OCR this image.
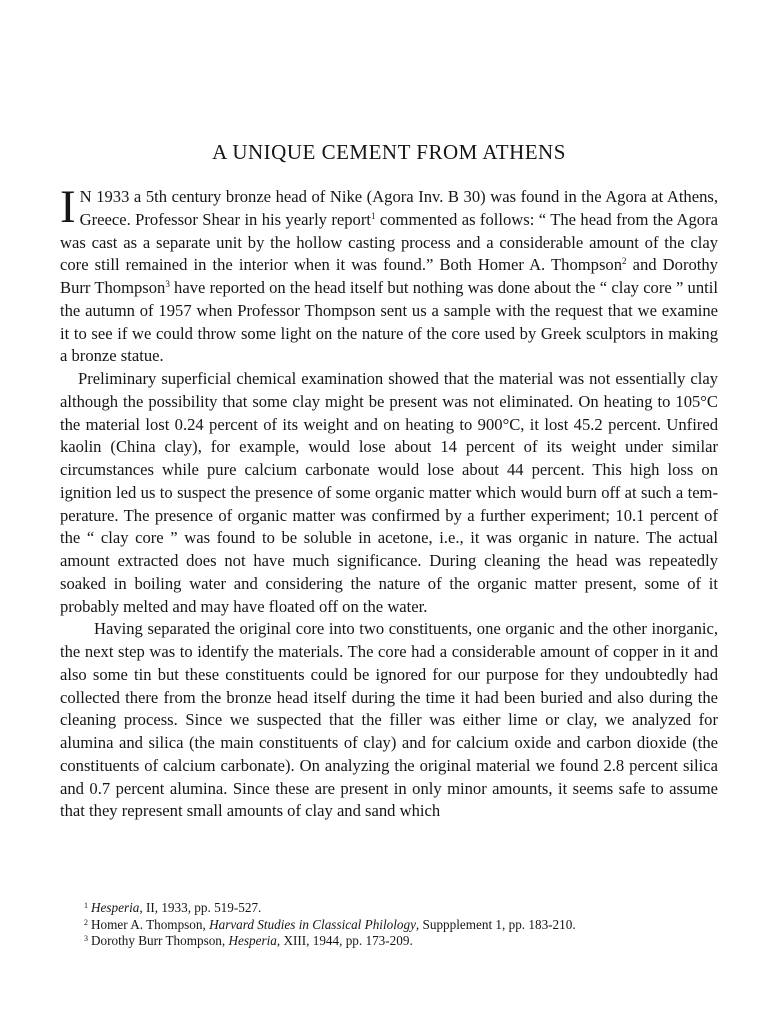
A UNIQUE CEMENT FROM ATHENS

I N 1933 a 5th century bronze head of Nike (Agora Inv. B 30) was found in the Agora at Athens, Greece. Professor Shear in his yearly report$^1$ commented as follows: “ The head from the Agora was cast as a separate unit by the hollow casting process and a considerable amount of the clay core still remained in the interior when it was found.” Both Homer A. Thompson$^2$ and Dorothy Burr Thompson$^3$ have reported on the head itself but nothing was done about the “ clay core ” until the autumn of 1957 when Professor Thompson sent us a sample with the request that we examine it to see if we could throw some light on the nature of the core used by Greek sculptors in making a bronze statue.

Preliminary superficial chemical examination showed that the material was not essentially clay although the possibility that some clay might be present was not eliminated. On heating to 105°C the material lost 0.24 percent of its weight and on heating to 900°C, it lost 45.2 percent. Unfired kaolin (China clay), for example, would lose about 14 percent of its weight under similar circumstances while pure calcium carbonate would lose about 44 percent. This high loss on ignition led us to suspect the presence of some organic matter which would burn off at such a temperature. The presence of organic matter was confirmed by a further experiment; 10.1 percent of the “ clay core ” was found to be soluble in acetone, i.e., it was organic in nature. The actual amount extracted does not have much significance. During cleaning the head was repeatedly soaked in boiling water and considering the nature of the organic matter present, some of it probably melted and may have floated off on the water.

Having separated the original core into two constituents, one organic and the other inorganic, the next step was to identify the materials. The core had a considerable amount of copper in it and also some tin but these constituents could be ignored for our purpose for they undoubtedly had collected there from the bronze head itself during the time it had been buried and also during the cleaning process. Since we suspected that the filler was either lime or clay, we analyzed for alumina and silica (the main constituents of clay) and for calcium oxide and carbon dioxide (the constituents of calcium carbonate). On analyzing the original material we found 2.8 percent silica and 0.7 percent alumina. Since these are present in only minor amounts, it seems safe to assume that they represent small amounts of clay and sand which

$^1$ Hesperia, II, 1933, pp. 519-527.

$^2$ Homer A. Thompson, Harvard Studies in Classical Philology, Suppplement 1, pp. 183-210.

$^3$ Dorothy Burr Thompson, Hesperia, XIII, 1944, pp. 173-209.
